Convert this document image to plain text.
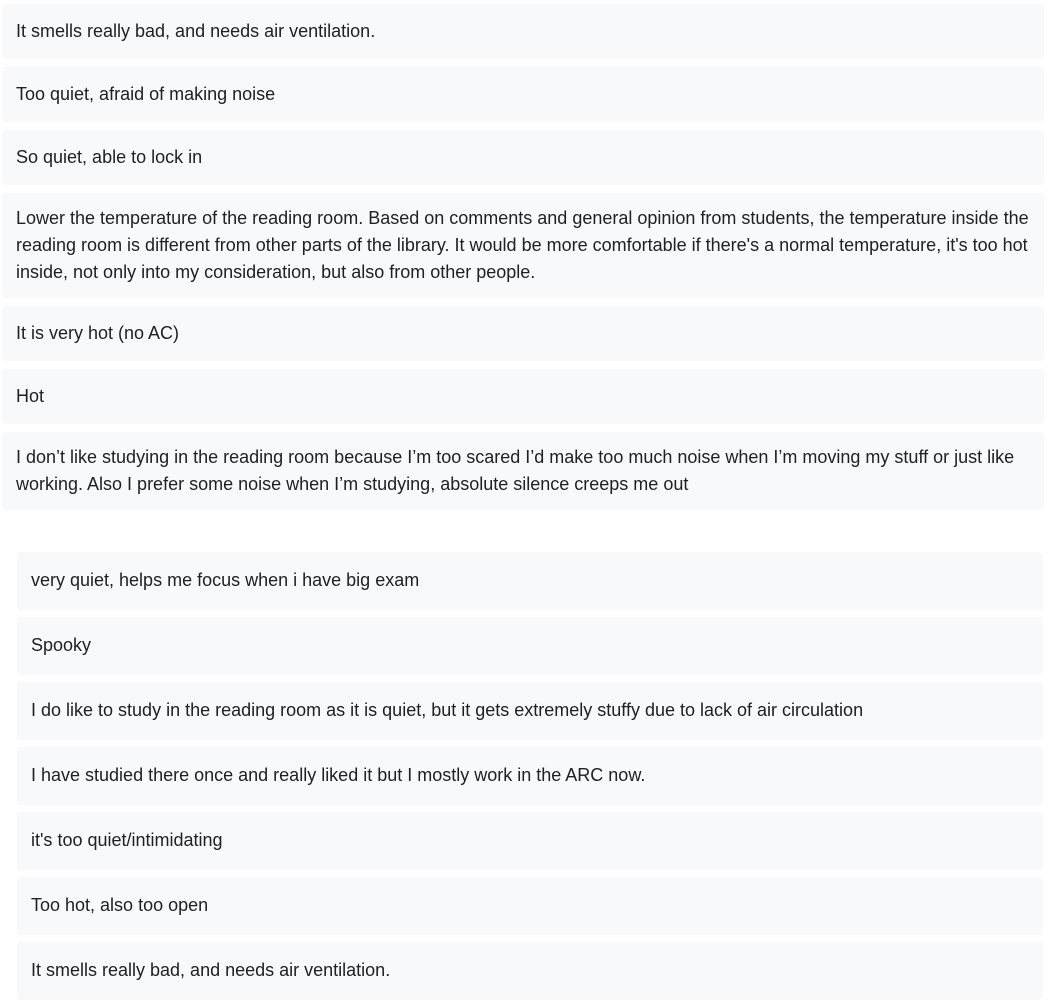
It smells really bad, and needs air ventilation.
Too quiet, afraid of making noise
So quiet, able to lock in
Lower the temperature of the reading room. Based on comments and general opinion from students, the temperature inside the reading room is different from other parts of the library. It would be more comfortable if there's a normal temperature, it's too hot inside, not only into my consideration, but also from other people.
It is very hot (no AC)
Hot
I don’t like studying in the reading room because I’m too scared I’d make too much noise when I’m moving my stuff or just like working. Also I prefer some noise when I’m studying, absolute silence creeps me out
very quiet, helps me focus when i have big exam
Spooky
I do like to study in the reading room as it is quiet, but it gets extremely stuffy due to lack of air circulation
I have studied there once and really liked it but I mostly work in the ARC now.
it's too quiet/intimidating
Too hot, also too open
It smells really bad, and needs air ventilation.
